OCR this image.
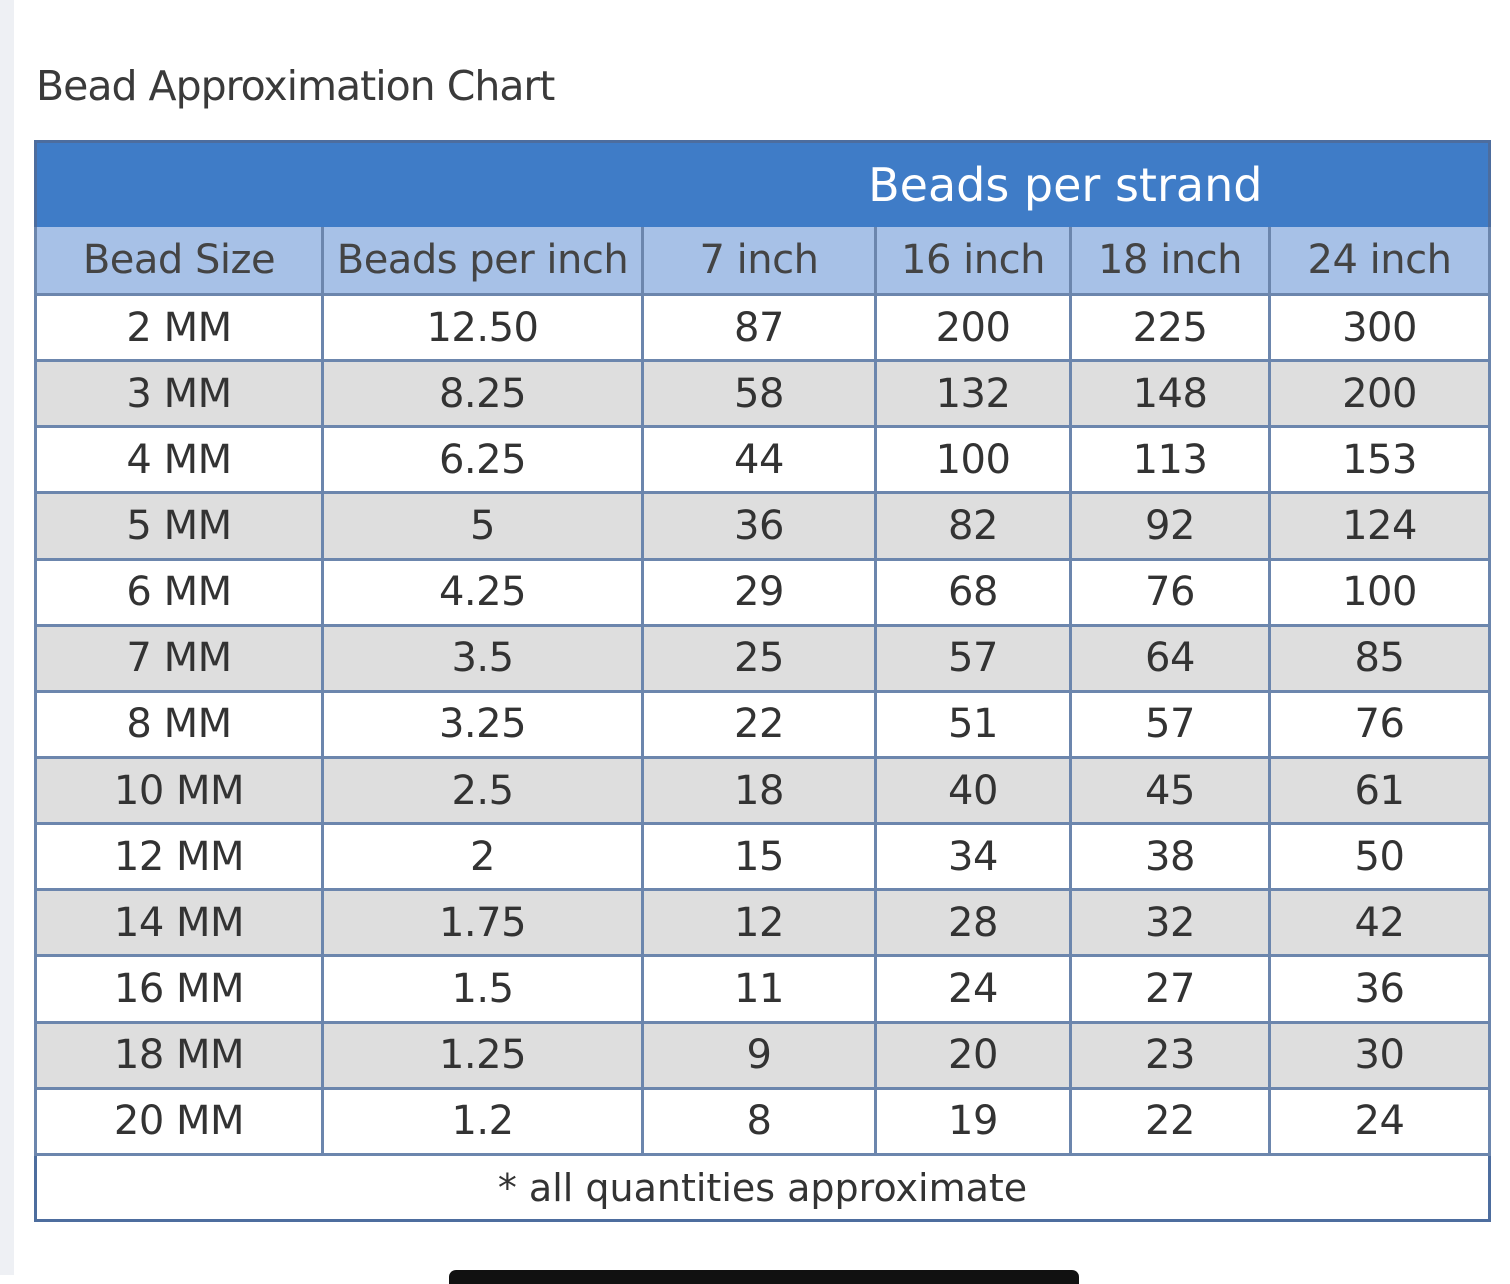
Bead Approximation Chart
		Beads per strand			
Bead Size	Beads per inch	7 inch	16 inch	18 inch	24 inch
2 MM	12.50	87	200	225	300
3 MM	8.25	58	132	148	200
4 MM	6.25	44	100	113	153
5 MM	5	36	82	92	124
6 MM	4.25	29	68	76	100
7 MM	3.5	25	57	64	85
8 MM	3.25	22	51	57	76
10 MM	2.5	18	40	45	61
12 MM	2	15	34	38	50
14 MM	1.75	12	28	32	42
16 MM	1.5	11	24	27	36
18 MM	1.25	9	20	23	30
20 MM	1.2	8	19	22	24
* all quantities approximate					
